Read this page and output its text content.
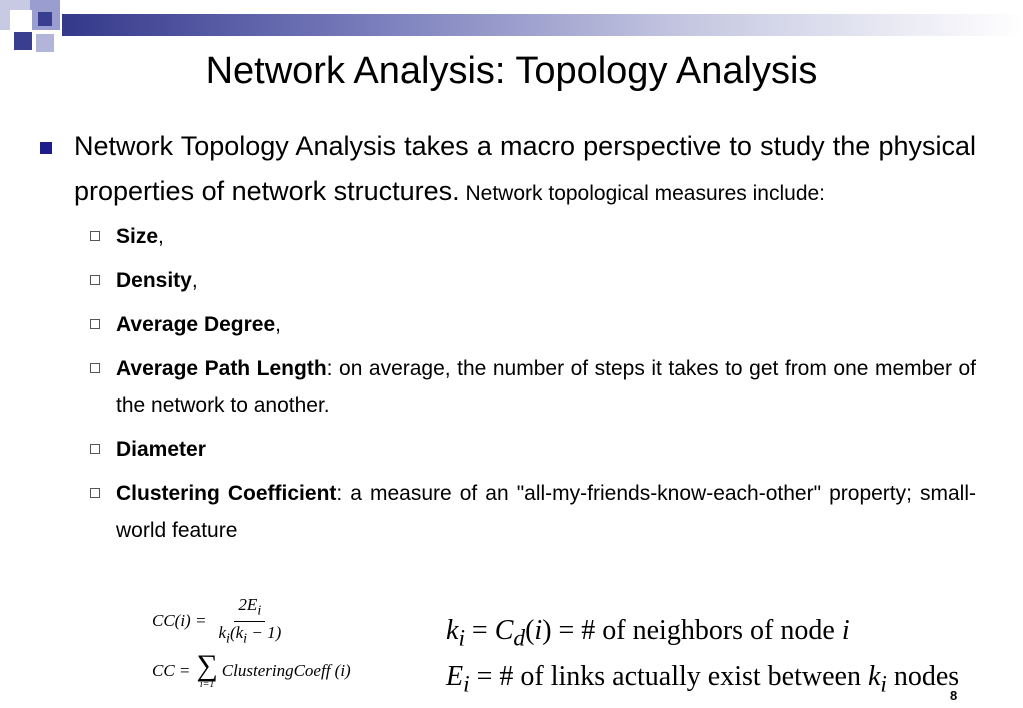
Network Analysis: Topology Analysis
Network Topology Analysis takes a macro perspective to study the physical properties of network structures. Network topological measures include:
Size,
Density,
Average Degree,
Average Path Length: on average, the number of steps it takes to get from one member of the network to another.
Diameter
Clustering Coefficient: a measure of an "all-my-friends-know-each-other" property; small-world feature
$CC(i) = \frac{2E_i}{k_i(k_i - 1)}$
CC = ∑
i=1
ClusteringCoeff (i)
$k_i = C_d(i)$ = # of neighbors of node i
$E_i$ = # of links actually exist between $k_i$ nodes
8
